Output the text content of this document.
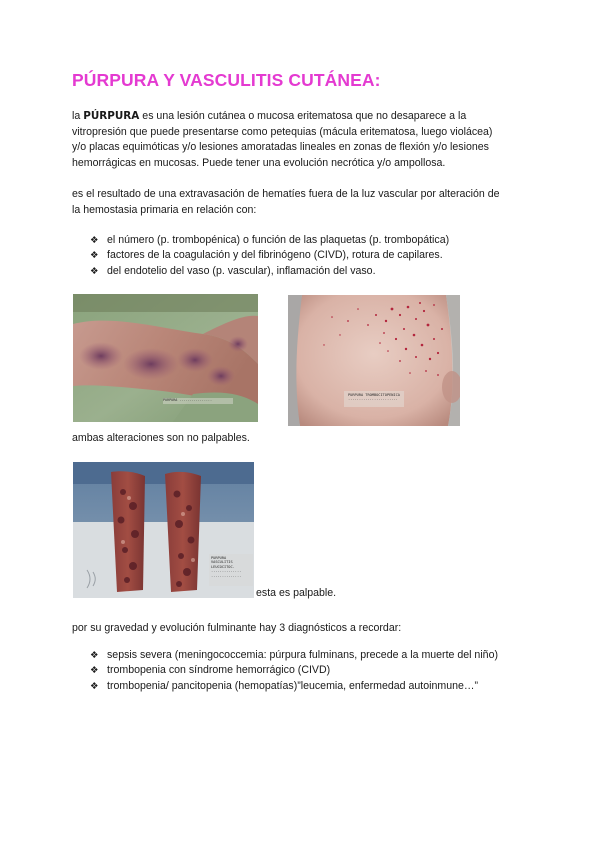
PÚRPURA Y VASCULITIS CUTÁNEA:
la PÚRPURA es una lesión cutánea o mucosa eritematosa que no desaparece a la
vitropresión que puede presentarse como petequias (mácula eritematosa, luego violácea)
y/o placas equimóticas y/o lesiones amoratadas lineales en zonas de flexión y/o lesiones
hemorrágicas en mucosas. Puede tener una evolución necrótica y/o ampollosa.
es el resultado de una extravasación de hematíes fuera de la luz vascular por alteración de
la hemostasia primaria en relación con:
❖ el número (p. trombopénica) o función de las plaquetas (p. trombopática)
❖ factores de la coagulación y del fibrinógeno (CIVD), rotura de capilares.
❖ del endotelio del vaso (p. vascular), inflamación del vaso.
PURPURA ................
PURPURA TROMBOCITOPENICA
.......................
ambas alteraciones son no palpables.
PURPURA
VASCULITIS
LEUCOCITOC.
..............
..............
esta es palpable.
por su gravedad y evolución fulminante hay 3 diagnósticos a recordar:
❖ sepsis severa (meningococcemia: púrpura fulminans, precede a la muerte del niño)
❖ trombopenia con síndrome hemorrágico (CIVD)
❖ trombopenia/ pancitopenia (hemopatías)”leucemia, enfermedad autoinmune…”
